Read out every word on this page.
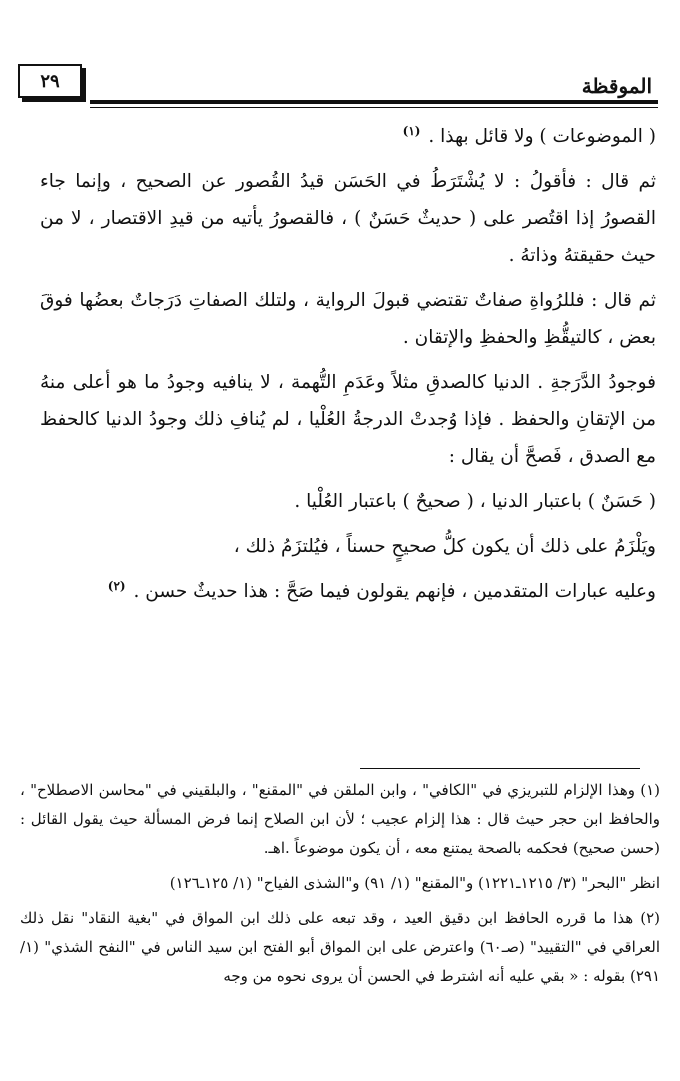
٢٩	الموقظة

( الموضوعات ) ولا قائل بهذا . $^{(١)}$

ثم قال : فأقولُ : لا يُشْتَرَطُ في الحَسَن قيدُ القُصور عن الصحيح ، وإنما جاء القصورُ إذا اقتُصر على ( حديثٌ حَسَنٌ ) ، فالقصورُ يأتيه من قيدِ الاقتصار ، لا من حيث حقيقتهُ وذاتهُ .

ثم قال : فللرُواةِ صفاتٌ تقتضي قبولَ الرواية ، ولتلك الصفاتِ دَرَجاتٌ بعضُها فوقَ بعض ، كالتيقُّظِ والحفظِ والإتقان .

فوجودُ الدَّرَجةِ . الدنيا كالصدقِ مثلاً وعَدَمِ التُّهمة ، لا ينافيه وجودُ ما هو أعلى منهُ من الإتقانِ والحفظ . فإذا وُجدتْ الدرجةُ العُلْيا ، لم يُنافِ ذلك وجودُ الدنيا كالحفظ مع الصدق ، فَصحَّ أن يقال :

( حَسَنٌ ) باعتبار الدنيا ، ( صحيحٌ ) باعتبار العُلْيا .

ويَلْزَمُ على ذلك أن يكون كلُّ صحيحٍ حسناً ، فيُلتزَمُ ذلك ،

وعليه عبارات المتقدمين ، فإنهم يقولون فيما صَحَّ : هذا حديثٌ حسن . $^{(٢)}$

(١) وهذا الإلزام للتبريزي في "الكافي" ، وابن الملقن في "المقنع" ، والبلقيني في "محاسن الاصطلاح" ، والحافظ ابن حجر حيث قال : هذا إلزام عجيب ؛ لأن ابن الصلاح إنما فرض المسألة حيث يقول القائل : (حسن صحيح) فحكمه بالصحة يمتنع معه ، أن يكون موضوعاً .اهـ.

انظر "البحر" (٣/ ١٢١٥ـ١٢٢١) و"المقنع" (١/ ٩١) و"الشذى الفياح" (١/ ١٢٥ـ١٢٦)

(٢) هذا ما قرره الحافظ ابن دقيق العيد ، وقد تبعه على ذلك ابن المواق في "بغية النقاد" نقل ذلك العراقي في "التقييد" (صـ٦٠) واعترض على ابن المواق أبو الفتح ابن سيد الناس في "النفح الشذي" (١/ ٢٩١) بقوله : « بقي عليه أنه اشترط في الحسن أن يروى نحوه من وجه
